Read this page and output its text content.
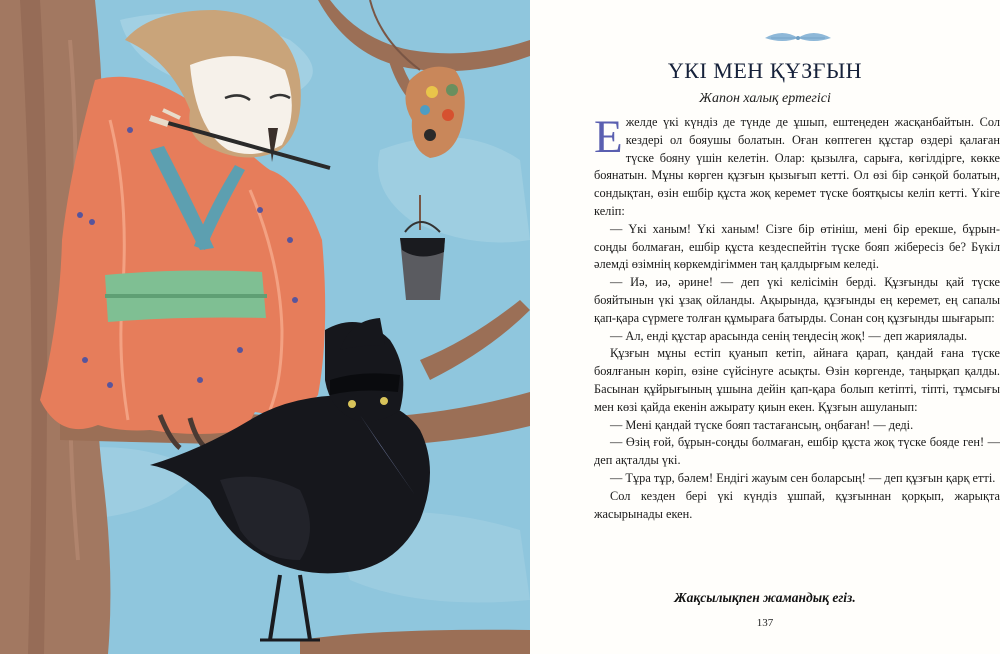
ҮКІ МЕН ҚҰЗҒЫН
Жапон халық ертегісі

Ежелде үкі күндіз де түнде де ұшып, ештеңеден жасқанбайтын. Сол кездері ол бояушы болатын. Оған көптеген құстар өздері қалаған түске бояну үшін келетін. Олар: қызылға, сарыға, көгілдірге, көкке боянатын. Мұны көрген құзғын қызығып кетті. Ол өзі бір сәнқой болатын, сондықтан, өзін ешбір құста жоқ керемет түске боятқысы келіп кетті. Үкіге келіп:

— Үкі ханым! Үкі ханым! Сізге бір өтініш, мені бір ерекше, бұрын-соңды болмаған, ешбір құста кездеспейтін түске бояп жібересіз бе? Бүкіл әлемді өзімнің көркемдігіммен таң қалдырғым келеді.

— Иә, иә, әрине! — деп үкі келісімін берді. Құзғынды қай түске бояйтынын үкі ұзақ ойланды. Ақырында, құзғынды ең керемет, ең сапалы қап-қара сүрмеге толған құмыраға батырды. Сонан соң құзғынды шығарып:

— Ал, енді құстар арасында сенің теңдесің жоқ! — деп жариялады.

Құзғын мұны естіп қуанып кетіп, айнаға қарап, қандай ғана түске боялғанын көріп, өзіне сүйсінуге асықты. Өзін көргенде, таңырқап қалды. Басынан құйрығының ұшына дейін қап-қара болып кетіпті, тіпті, тұмсығы мен көзі қайда екенін ажырату қиын екен. Құзғын ашуланып:

— Мені қандай түске бояп тастағансың, оңбаған! — деді.

— Өзің ғой, бұрын-соңды болмаған, ешбір құста жоқ түске бояде ген! — деп ақталды үкі.

— Тұра тұр, бәлем! Ендігі жауым сен боларсың! — деп құзғын қарқ етті.

Сол кезден бері үкі күндіз ұшпай, құзғыннан қорқып, жарықта жасырынады екен.

Жақсылықпен жамандық егіз.
137
